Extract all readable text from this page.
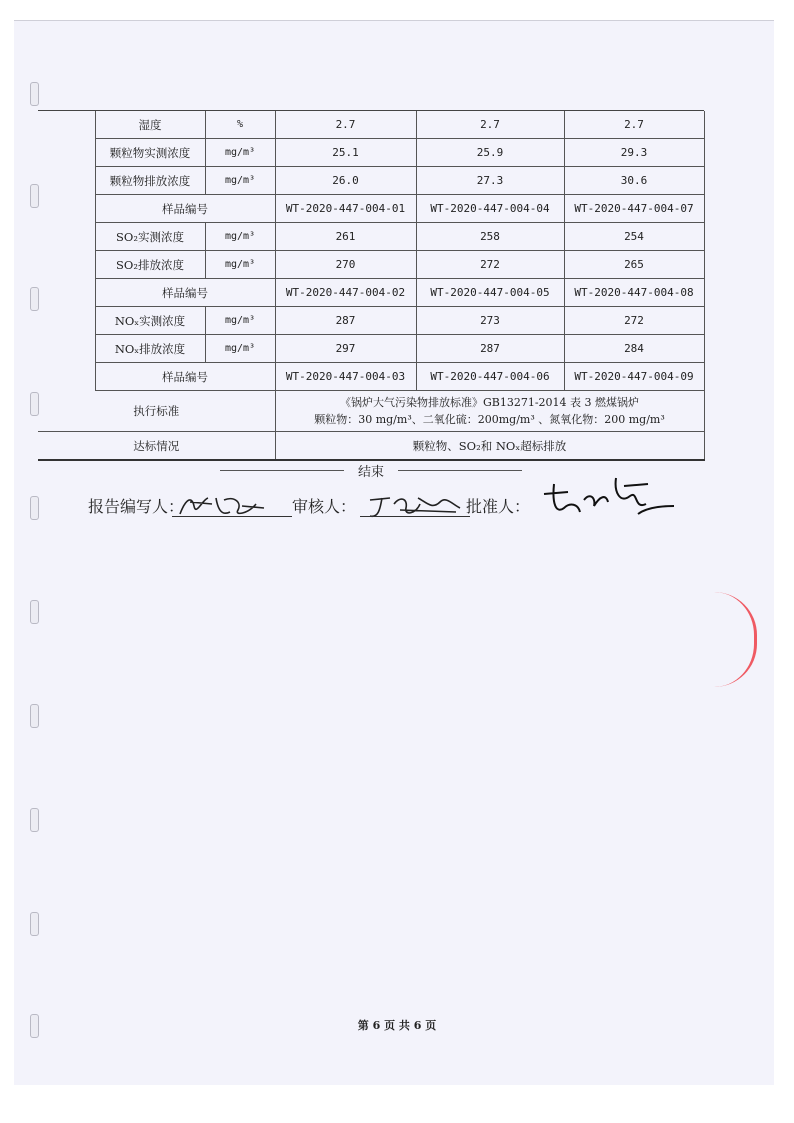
	湿度	%	2.7	2.7	2.7
	颗粒物实测浓度	mg/m³	25.1	25.9	29.3
	颗粒物排放浓度	mg/m³	26.0	27.3	30.6
	样品编号		WT-2020-447-004-01	WT-2020-447-004-04	WT-2020-447-004-07
	SO₂实测浓度	mg/m³	261	258	254
	SO₂排放浓度	mg/m³	270	272	265
	样品编号		WT-2020-447-004-02	WT-2020-447-004-05	WT-2020-447-004-08
	NOₓ实测浓度	mg/m³	287	273	272
	NOₓ排放浓度	mg/m³	297	287	284
	样品编号		WT-2020-447-004-03	WT-2020-447-004-06	WT-2020-447-004-09
执行标准			《锅炉大气污染物排放标准》GB13271-2014 表 3 燃煤锅炉
颗粒物：30 mg/m³、二氧化硫：200mg/m³ 、氮氧化物：200 mg/m³		

达标情况			颗粒物、SO₂和 NOₓ超标排放		
结束
报告编写人：	审核人：	批准人：
第 6 页 共 6 页
